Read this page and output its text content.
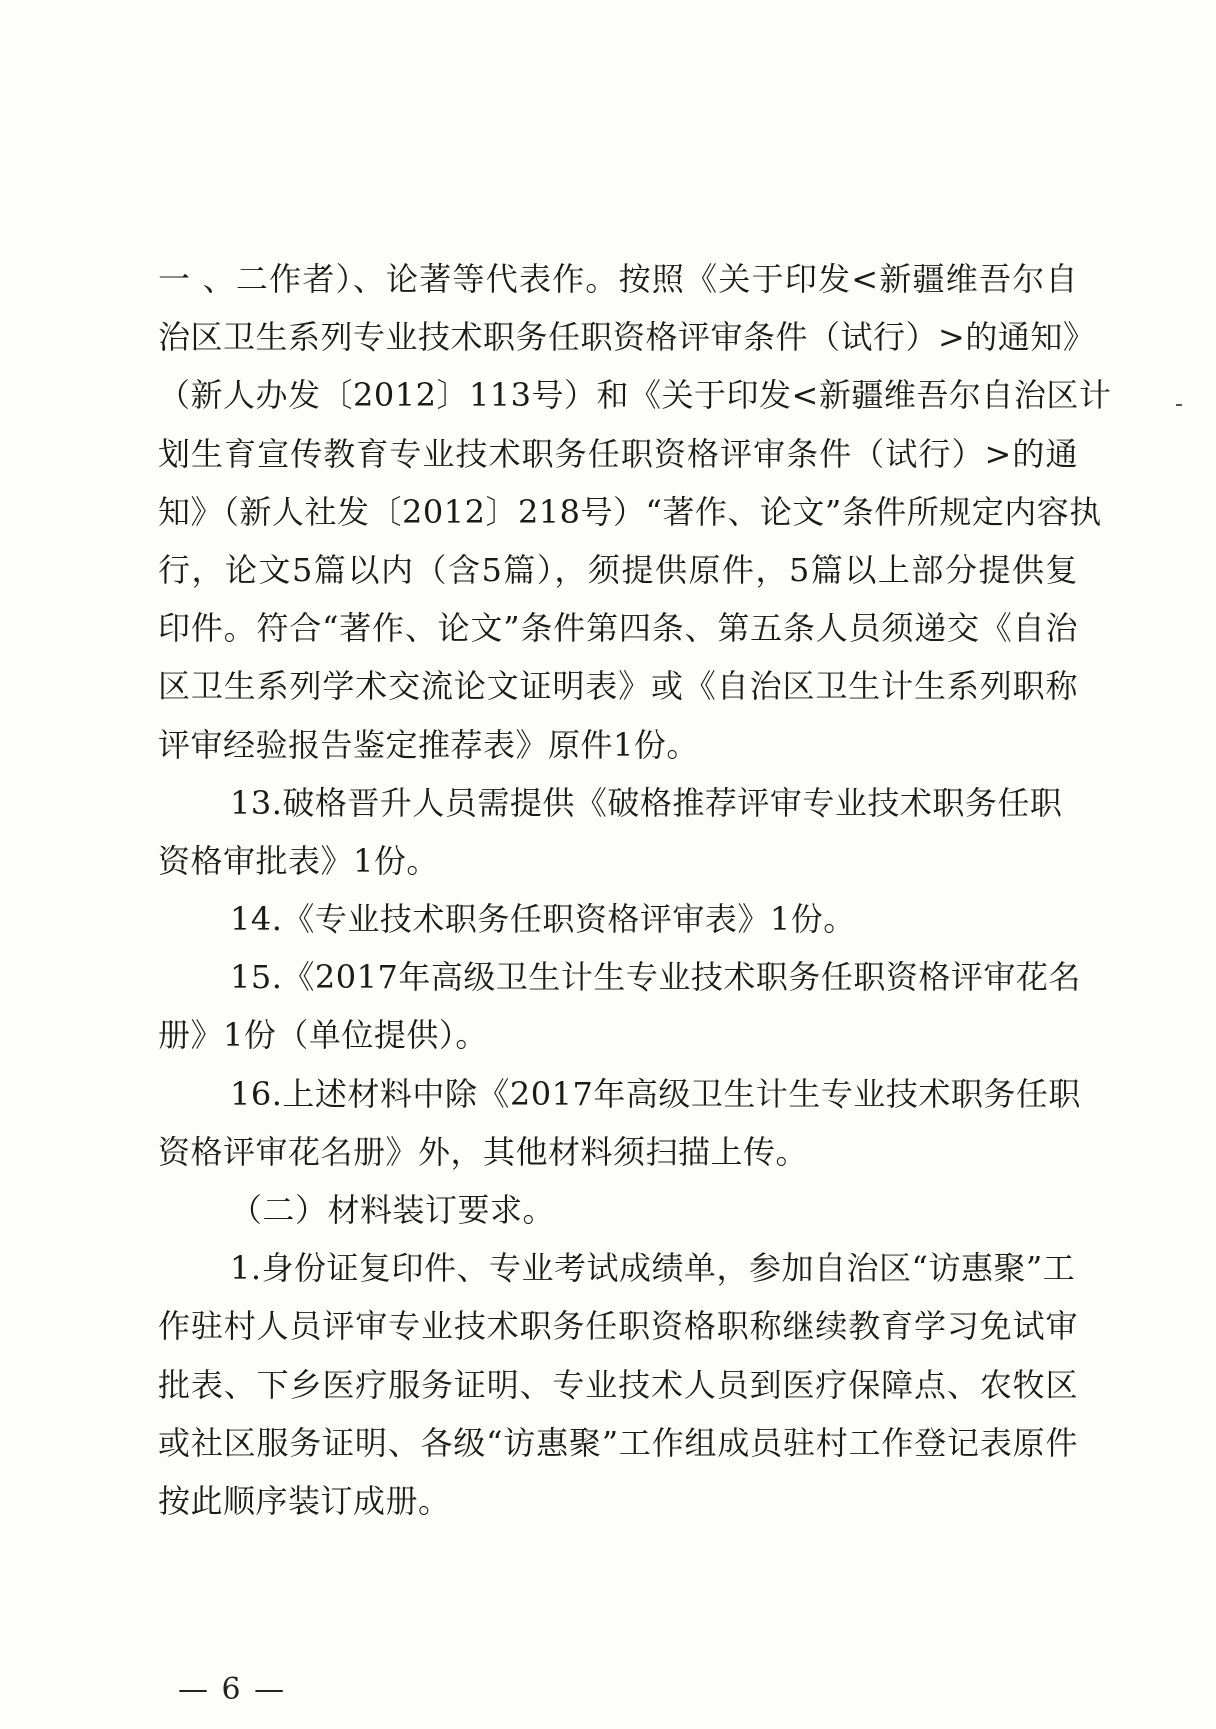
一 、二作者）、论著等代表作。按照《关于印发<新疆维吾尔自
治区卫生系列专业技术职务任职资格评审条件（试行）>的通知》
（新人办发〔2012〕113号）和《关于印发<新疆维吾尔自治区计
划生育宣传教育专业技术职务任职资格评审条件（试行）>的通
知》（新人社发〔2012〕218号）“著作、论文”条件所规定内容执
行，论文5篇以内（含5篇），须提供原件，5篇以上部分提供复
印件。符合“著作、论文”条件第四条、第五条人员须递交《自治
区卫生系列学术交流论文证明表》或《自治区卫生计生系列职称
评审经验报告鉴定推荐表》原件1份。
13.破格晋升人员需提供《破格推荐评审专业技术职务任职
资格审批表》1份。
14.《专业技术职务任职资格评审表》1份。
15.《2017年高级卫生计生专业技术职务任职资格评审花名
册》1份（单位提供）。
16.上述材料中除《2017年高级卫生计生专业技术职务任职
资格评审花名册》外，其他材料须扫描上传。
（二）材料装订要求。
1.身份证复印件、专业考试成绩单，参加自治区“访惠聚”工
作驻村人员评审专业技术职务任职资格职称继续教育学习免试审
批表、下乡医疗服务证明、专业技术人员到医疗保障点、农牧区
或社区服务证明、各级“访惠聚”工作组成员驻村工作登记表原件
按此顺序装订成册。
— 6 —
